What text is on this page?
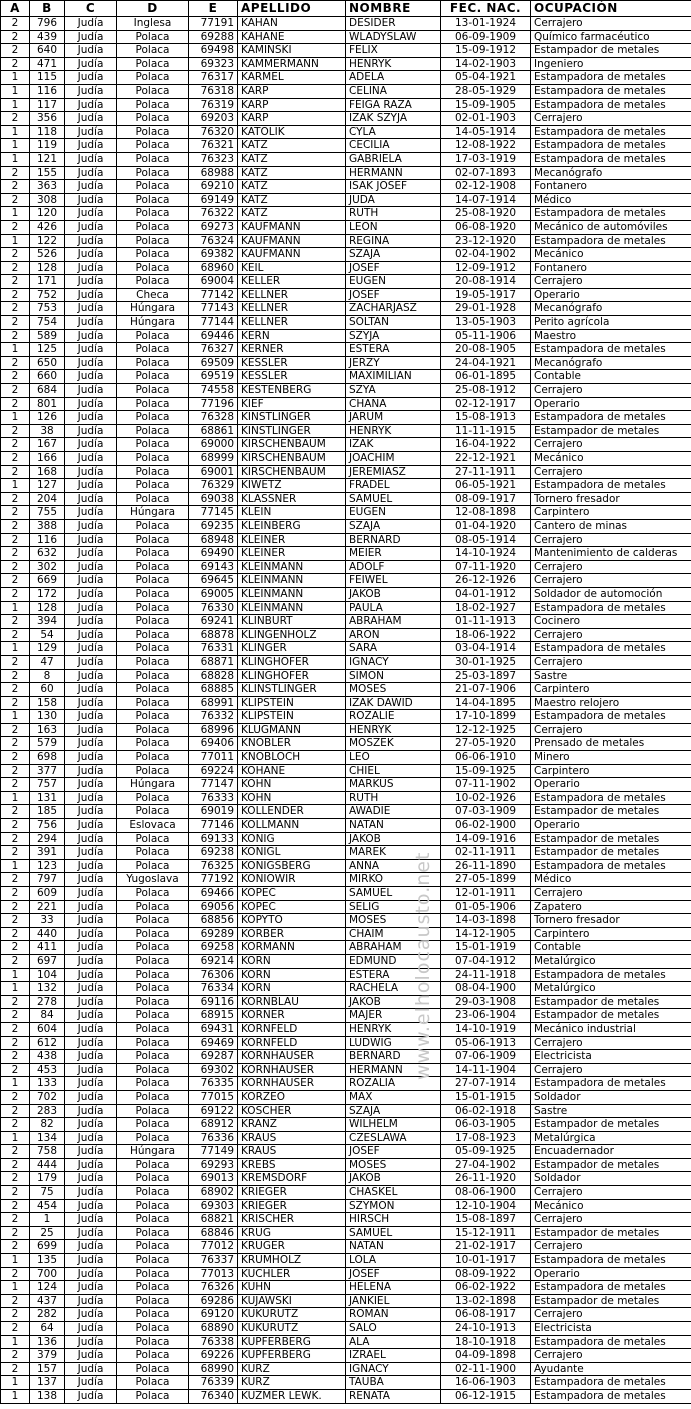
A	B	C	D	E	APELLIDO	NOMBRE	FEC. NAC.	OCUPACIÓN
2	796	Judía	Inglesa	77191	KAHAN	DESIDER	13-01-1924	Cerrajero
2	439	Judía	Polaca	69288	KAHANE	WLADYSLAW	06-09-1909	Químico farmacéutico
2	640	Judía	Polaca	69498	KAMINSKI	FELIX	15-09-1912	Estampador de metales
2	471	Judía	Polaca	69323	KAMMERMANN	HENRYK	14-02-1903	Ingeniero
1	115	Judía	Polaca	76317	KARMEL	ADELA	05-04-1921	Estampadora de metales
1	116	Judía	Polaca	76318	KARP	CELINA	28-05-1929	Estampadora de metales
1	117	Judía	Polaca	76319	KARP	FEIGA RAZA	15-09-1905	Estampadora de metales
2	356	Judía	Polaca	69203	KARP	IZAK SZYJA	02-01-1903	Cerrajero
1	118	Judía	Polaca	76320	KATOLIK	CYLA	14-05-1914	Estampadora de metales
1	119	Judía	Polaca	76321	KATZ	CECILIA	12-08-1922	Estampadora de metales
1	121	Judía	Polaca	76323	KATZ	GABRIELA	17-03-1919	Estampadora de metales
2	155	Judía	Polaca	68988	KATZ	HERMANN	02-07-1893	Mecanógrafo
2	363	Judía	Polaca	69210	KATZ	ISAK JOSEF	02-12-1908	Fontanero
2	308	Judía	Polaca	69149	KATZ	JUDA	14-07-1914	Médico
1	120	Judía	Polaca	76322	KATZ	RUTH	25-08-1920	Estampadora de metales
2	426	Judía	Polaca	69273	KAUFMANN	LEON	06-08-1920	Mecánico de automóviles
1	122	Judía	Polaca	76324	KAUFMANN	REGINA	23-12-1920	Estampadora de metales
2	526	Judía	Polaca	69382	KAUFMANN	SZAJA	02-04-1902	Mecánico
2	128	Judía	Polaca	68960	KEIL	JOSEF	12-09-1912	Fontanero
2	171	Judía	Polaca	69004	KELLER	EUGEN	20-08-1914	Cerrajero
2	752	Judía	Checa	77142	KELLNER	JOSEF	19-05-1917	Operario
2	753	Judía	Húngara	77143	KELLNER	ZACHARJASZ	29-01-1928	Mecanógrafo
2	754	Judía	Húngara	77144	KELLNER	SOLTAN	13-05-1903	Perito agrícola
2	589	Judía	Polaca	69446	KERN	SZYJA	05-11-1906	Maestro
1	125	Judía	Polaca	76327	KERNER	ESTERA	20-08-1905	Estampadora de metales
2	650	Judía	Polaca	69509	KESSLER	JERZY	24-04-1921	Mecanógrafo
2	660	Judía	Polaca	69519	KESSLER	MAXIMILIAN	06-01-1895	Contable
2	684	Judía	Polaca	74558	KESTENBERG	SZYA	25-08-1912	Cerrajero
2	801	Judía	Polaca	77196	KIEF	CHANA	02-12-1917	Operario
1	126	Judía	Polaca	76328	KINSTLINGER	JARUM	15-08-1913	Estampadora de metales
2	38	Judía	Polaca	68861	KINSTLINGER	HENRYK	11-11-1915	Estampador de metales
2	167	Judía	Polaca	69000	KIRSCHENBAUM	IZAK	16-04-1922	Cerrajero
2	166	Judía	Polaca	68999	KIRSCHENBAUM	JOACHIM	22-12-1921	Mecánico
2	168	Judía	Polaca	69001	KIRSCHENBAUM	JEREMIASZ	27-11-1911	Cerrajero
1	127	Judía	Polaca	76329	KIWETZ	FRADEL	06-05-1921	Estampadora de metales
2	204	Judía	Polaca	69038	KLASSNER	SAMUEL	08-09-1917	Tornero fresador
2	755	Judía	Húngara	77145	KLEIN	EUGEN	12-08-1898	Carpintero
2	388	Judía	Polaca	69235	KLEINBERG	SZAJA	01-04-1920	Cantero de minas
2	116	Judía	Polaca	68948	KLEINER	BERNARD	08-05-1914	Cerrajero
2	632	Judía	Polaca	69490	KLEINER	MEIER	14-10-1924	Mantenimiento de calderas
2	302	Judía	Polaca	69143	KLEINMANN	ADOLF	07-11-1920	Cerrajero
2	669	Judía	Polaca	69645	KLEINMANN	FEIWEL	26-12-1926	Cerrajero
2	172	Judía	Polaca	69005	KLEINMANN	JAKOB	04-01-1912	Soldador de automoción
1	128	Judía	Polaca	76330	KLEINMANN	PAULA	18-02-1927	Estampadora de metales
2	394	Judía	Polaca	69241	KLINBURT	ABRAHAM	01-11-1913	Cocinero
2	54	Judía	Polaca	68878	KLINGENHOLZ	ARON	18-06-1922	Cerrajero
1	129	Judía	Polaca	76331	KLINGER	SARA	03-04-1914	Estampadora de metales
2	47	Judía	Polaca	68871	KLINGHOFER	IGNACY	30-01-1925	Cerrajero
2	8	Judía	Polaca	68828	KLINGHOFER	SIMON	25-03-1897	Sastre
2	60	Judía	Polaca	68885	KLINSTLINGER	MOSES	21-07-1906	Carpintero
2	158	Judía	Polaca	68991	KLIPSTEIN	IZAK DAWID	14-04-1895	Maestro relojero
1	130	Judía	Polaca	76332	KLIPSTEIN	ROZALIE	17-10-1899	Estampadora de metales
2	163	Judía	Polaca	68996	KLUGMANN	HENRYK	12-12-1925	Cerrajero
2	579	Judía	Polaca	69406	KNOBLER	MOSZEK	27-05-1920	Prensado de metales
2	698	Judía	Polaca	77011	KNOBLOCH	LEO	06-06-1910	Minero
2	377	Judía	Polaca	69224	KOHANE	CHIEL	15-09-1925	Carpintero
2	757	Judía	Húngara	77147	KOHN	MARKUS	07-11-1902	Operario
1	131	Judía	Polaca	76333	KOHN	RUTH	10-02-1926	Estampadora de metales
2	185	Judía	Polaca	69019	KOLLENDER	AWADIE	07-03-1909	Estampador de metales
2	756	Judía	Eslovaca	77146	KOLLMANN	NATAN	06-02-1900	Operario
2	294	Judía	Polaca	69133	KONIG	JAKOB	14-09-1916	Estampador de metales
2	391	Judía	Polaca	69238	KONIGL	MAREK	02-11-1911	Estampador de metales
1	123	Judía	Polaca	76325	KONIGSBERG	ANNA	26-11-1890	Estampadora de metales
2	797	Judía	Yugoslava	77192	KONIOWIR	MIRKO	27-05-1899	Médico
2	609	Judía	Polaca	69466	KOPEC	SAMUEL	12-01-1911	Cerrajero
2	221	Judía	Polaca	69056	KOPEC	SELIG	01-05-1906	Zapatero
2	33	Judía	Polaca	68856	KOPYTO	MOSES	14-03-1898	Tornero fresador
2	440	Judía	Polaca	69289	KORBER	CHAIM	14-12-1905	Carpintero
2	411	Judía	Polaca	69258	KORMANN	ABRAHAM	15-01-1919	Contable
2	697	Judía	Polaca	69214	KORN	EDMUND	07-04-1912	Metalúrgico
1	104	Judía	Polaca	76306	KORN	ESTERA	24-11-1918	Estampadora de metales
1	132	Judía	Polaca	76334	KORN	RACHELA	08-04-1900	Metalúrgico
2	278	Judía	Polaca	69116	KORNBLAU	JAKOB	29-03-1908	Estampador de metales
2	84	Judía	Polaca	68915	KORNER	MAJER	23-06-1904	Estampador de metales
2	604	Judía	Polaca	69431	KORNFELD	HENRYK	14-10-1919	Mecánico industrial
2	612	Judía	Polaca	69469	KORNFELD	LUDWIG	05-06-1913	Cerrajero
2	438	Judía	Polaca	69287	KORNHAUSER	BERNARD	07-06-1909	Electricista
2	453	Judía	Polaca	69302	KORNHAUSER	HERMANN	14-11-1904	Cerrajero
1	133	Judía	Polaca	76335	KORNHAUSER	ROZALIA	27-07-1914	Estampadora de metales
2	702	Judía	Polaca	77015	KORZEO	MAX	15-01-1915	Soldador
2	283	Judía	Polaca	69122	KOSCHER	SZAJA	06-02-1918	Sastre
2	82	Judía	Polaca	68912	KRANZ	WILHELM	06-03-1905	Estampador de metales
1	134	Judía	Polaca	76336	KRAUS	CZESLAWA	17-08-1923	Metalúrgica
2	758	Judía	Húngara	77149	KRAUS	JOSEF	05-09-1925	Encuadernador
2	444	Judía	Polaca	69293	KREBS	MOSES	27-04-1902	Estampador de metales
2	179	Judía	Polaca	69013	KREMSDORF	JAKOB	26-11-1920	Soldador
2	75	Judía	Polaca	68902	KRIEGER	CHASKEL	08-06-1900	Cerrajero
2	454	Judía	Polaca	69303	KRIEGER	SZYMON	12-10-1904	Mecánico
2	1	Judía	Polaca	68821	KRISCHER	HIRSCH	15-08-1897	Cerrajero
2	25	Judía	Polaca	68846	KRUG	SAMUEL	15-12-1911	Estampador de metales
2	699	Judía	Polaca	77012	KRUGER	NATAN	21-02-1917	Cerrajero
1	135	Judía	Polaca	76337	KRUMHOLZ	LOLA	10-01-1917	Estampadora de metales
2	700	Judía	Polaca	77013	KUCHLER	JOSEF	08-09-1922	Operario
1	124	Judía	Polaca	76326	KUHN	HELENA	06-02-1922	Estampadora de metales
2	437	Judía	Polaca	69286	KUJAWSKI	JANKIEL	13-02-1898	Estampador de metales
2	282	Judía	Polaca	69120	KUKURUTZ	ROMAN	06-08-1917	Cerrajero
2	64	Judía	Polaca	68890	KUKURUTZ	SALO	24-10-1913	Electricista
1	136	Judía	Polaca	76338	KUPFERBERG	ALA	18-10-1918	Estampadora de metales
2	379	Judía	Polaca	69226	KUPFERBERG	IZRAEL	04-09-1898	Cerrajero
2	157	Judía	Polaca	68990	KURZ	IGNACY	02-11-1900	Ayudante
1	137	Judía	Polaca	76339	KURZ	TAUBA	16-06-1903	Estampadora de metales
1	138	Judía	Polaca	76340	KUZMER LEWK.	RENATA	06-12-1915	Estampadora de metales
www.elholocausto.net
